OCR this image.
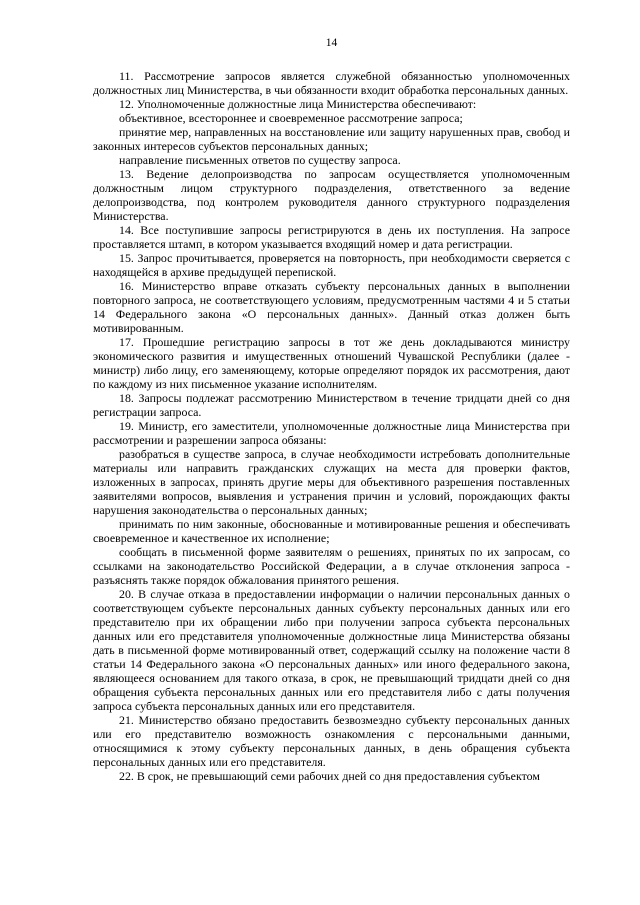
14

11. Рассмотрение запросов является служебной обязанностью уполномоченных должностных лиц Министерства, в чьи обязанности входит обработка персональных данных.

12. Уполномоченные должностные лица Министерства обеспечивают:

объективное, всестороннее и своевременное рассмотрение запроса;

принятие мер, направленных на восстановление или защиту нарушенных прав, свобод и законных интересов субъектов персональных данных;

направление письменных ответов по существу запроса.

13. Ведение делопроизводства по запросам осуществляется уполномоченным должностным лицом структурного подразделения, ответственного за ведение делопроизводства, под контролем руководителя данного структурного подразделения Министерства.

14. Все поступившие запросы регистрируются в день их поступления. На запросе проставляется штамп, в котором указывается входящий номер и дата регистрации.

15. Запрос прочитывается, проверяется на повторность, при необходимости сверяется с находящейся в архиве предыдущей перепиской.

16. Министерство вправе отказать субъекту персональных данных в выполнении повторного запроса, не соответствующего условиям, предусмотренным частями 4 и 5 статьи 14 Федерального закона «О персональных данных». Данный отказ должен быть мотивированным.

17. Прошедшие регистрацию запросы в тот же день докладываются министру экономического развития и имущественных отношений Чувашской Республики (далее - министр) либо лицу, его заменяющему, которые определяют порядок их рассмотрения, дают по каждому из них письменное указание исполнителям.

18. Запросы подлежат рассмотрению Министерством в течение тридцати дней со дня регистрации запроса.

19. Министр, его заместители, уполномоченные должностные лица Министерства при рассмотрении и разрешении запроса обязаны:

разобраться в существе запроса, в случае необходимости истребовать дополнительные материалы или направить гражданских служащих на места для проверки фактов, изложенных в запросах, принять другие меры для объективного разрешения поставленных заявителями вопросов, выявления и устранения причин и условий, порождающих факты нарушения законодательства о персональных данных;

принимать по ним законные, обоснованные и мотивированные решения и обеспечивать своевременное и качественное их исполнение;

сообщать в письменной форме заявителям о решениях, принятых по их запросам, со ссылками на законодательство Российской Федерации, а в случае отклонения запроса - разъяснять также порядок обжалования принятого решения.

20. В случае отказа в предоставлении информации о наличии персональных данных о соответствующем субъекте персональных данных субъекту персональных данных или его представителю при их обращении либо при получении запроса субъекта персональных данных или его представителя уполномоченные должностные лица Министерства обязаны дать в письменной форме мотивированный ответ, содержащий ссылку на положение части 8 статьи 14 Федерального закона «О персональных данных» или иного федерального закона, являющееся основанием для такого отказа, в срок, не превышающий тридцати дней со дня обращения субъекта персональных данных или его представителя либо с даты получения запроса субъекта персональных данных или его представителя.

21. Министерство обязано предоставить безвозмездно субъекту персональных данных или его представителю возможность ознакомления с персональными данными, относящимися к этому субъекту персональных данных, в день обращения субъекта персональных данных или его представителя.

22. В срок, не превышающий семи рабочих дней со дня предоставления субъектом
